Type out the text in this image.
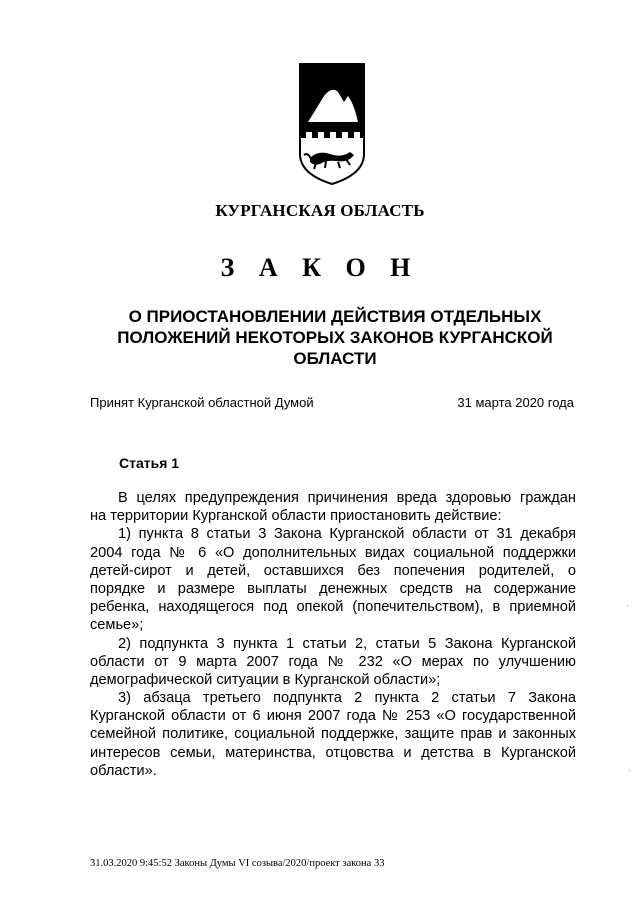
КУРГАНСКАЯ ОБЛАСТЬ
З А К О Н
О ПРИОСТАНОВЛЕНИИ ДЕЙСТВИЯ ОТДЕЛЬНЫХ
ПОЛОЖЕНИЙ НЕКОТОРЫХ ЗАКОНОВ КУРГАНСКОЙ
ОБЛАСТИ
Принят Курганской областной Думой	31 марта 2020 года
Статья 1
В целях предупреждения причинения вреда здоровью граждан
на территории Курганской области приостановить действие:
1) пункта 8 статьи 3 Закона Курганской области от 31 декабря
2004 года № 6 «О дополнительных видах социальной поддержки
детей-сирот и детей, оставшихся без попечения родителей, о
порядке и размере выплаты денежных средств на содержание
ребенка, находящегося под опекой (попечительством), в приемной
семье»;
2) подпункта 3 пункта 1 статьи 2, статьи 5 Закона Курганской
области от 9 марта 2007 года № 232 «О мерах по улучшению
демографической ситуации в Курганской области»;
3) абзаца третьего подпункта 2 пункта 2 статьи 7 Закона
Курганской области от 6 июня 2007 года № 253 «О государственной
семейной политике, социальной поддержке, защите прав и законных
интересов семьи, материнства, отцовства и детства в Курганской
области».
31.03.2020 9:45:52 Законы Думы VI созыва/2020/проект закона 33
·
·
